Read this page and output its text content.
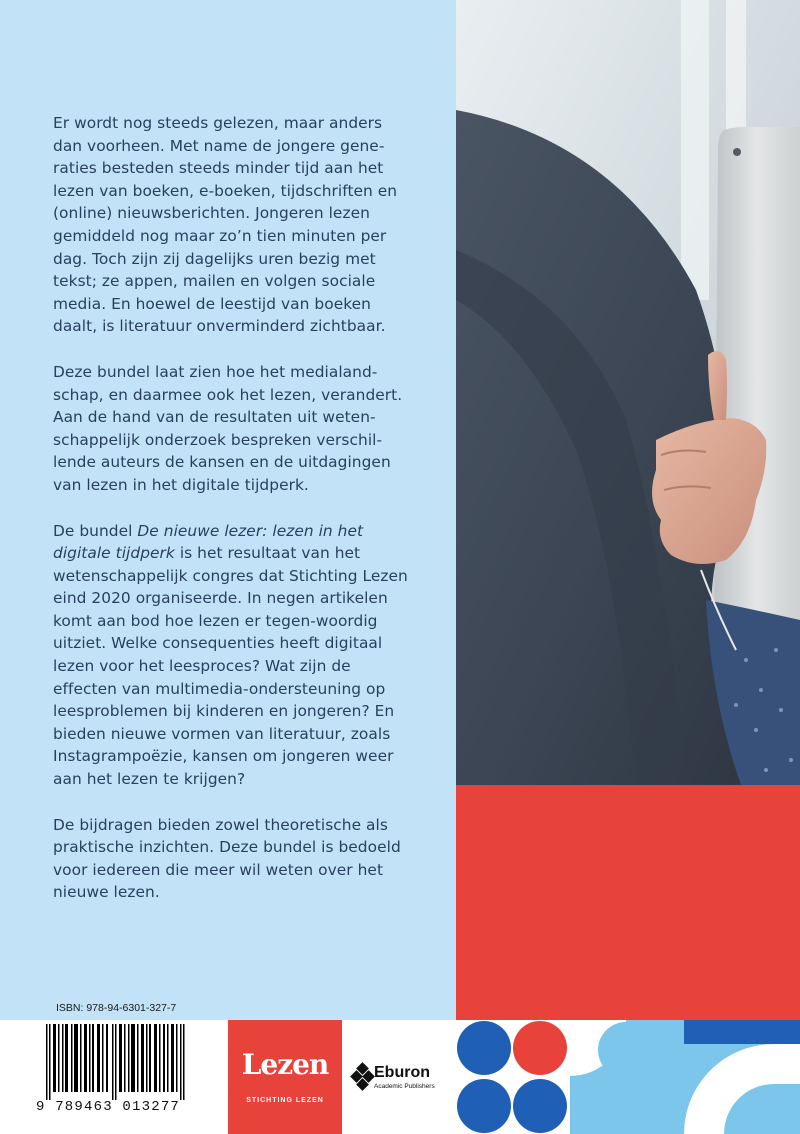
Er wordt nog steeds gelezen, maar anders dan voorheen. Met name de jongere gene-raties besteden steeds minder tijd aan het lezen van boeken, e-boeken, tijdschriften en (online) nieuwsberichten. Jongeren lezen gemiddeld nog maar zo’n tien minuten per dag. Toch zijn zij dagelijks uren bezig met tekst; ze appen, mailen en volgen sociale media. En hoewel de leestijd van boeken daalt, is literatuur onverminderd zichtbaar.

Deze bundel laat zien hoe het medialand-schap, en daarmee ook het lezen, verandert. Aan de hand van de resultaten uit weten-schappelijk onderzoek bespreken verschil-lende auteurs de kansen en de uitdagingen van lezen in het digitale tijdperk.

De bundel De nieuwe lezer: lezen in het digitale tijdperk is het resultaat van het wetenschappelijk congres dat Stichting Lezen eind 2020 organiseerde. In negen artikelen komt aan bod hoe lezen er tegen-woordig uitziet. Welke consequenties heeft digitaal lezen voor het leesproces? Wat zijn de effecten van multimedia-ondersteuning op leesproblemen bij kinderen en jongeren? En bieden nieuwe vormen van literatuur, zoals Instagrampoëzie, kansen om jongeren weer aan het lezen te krijgen?

De bijdragen bieden zowel theoretische als praktische inzichten. Deze bundel is bedoeld voor iedereen die meer wil weten over het nieuwe lezen.

ISBN: 978-94-6301-327-7
9 789463 013277
Lezen
STICHTING LEZEN
Eburon
Academic Publishers
